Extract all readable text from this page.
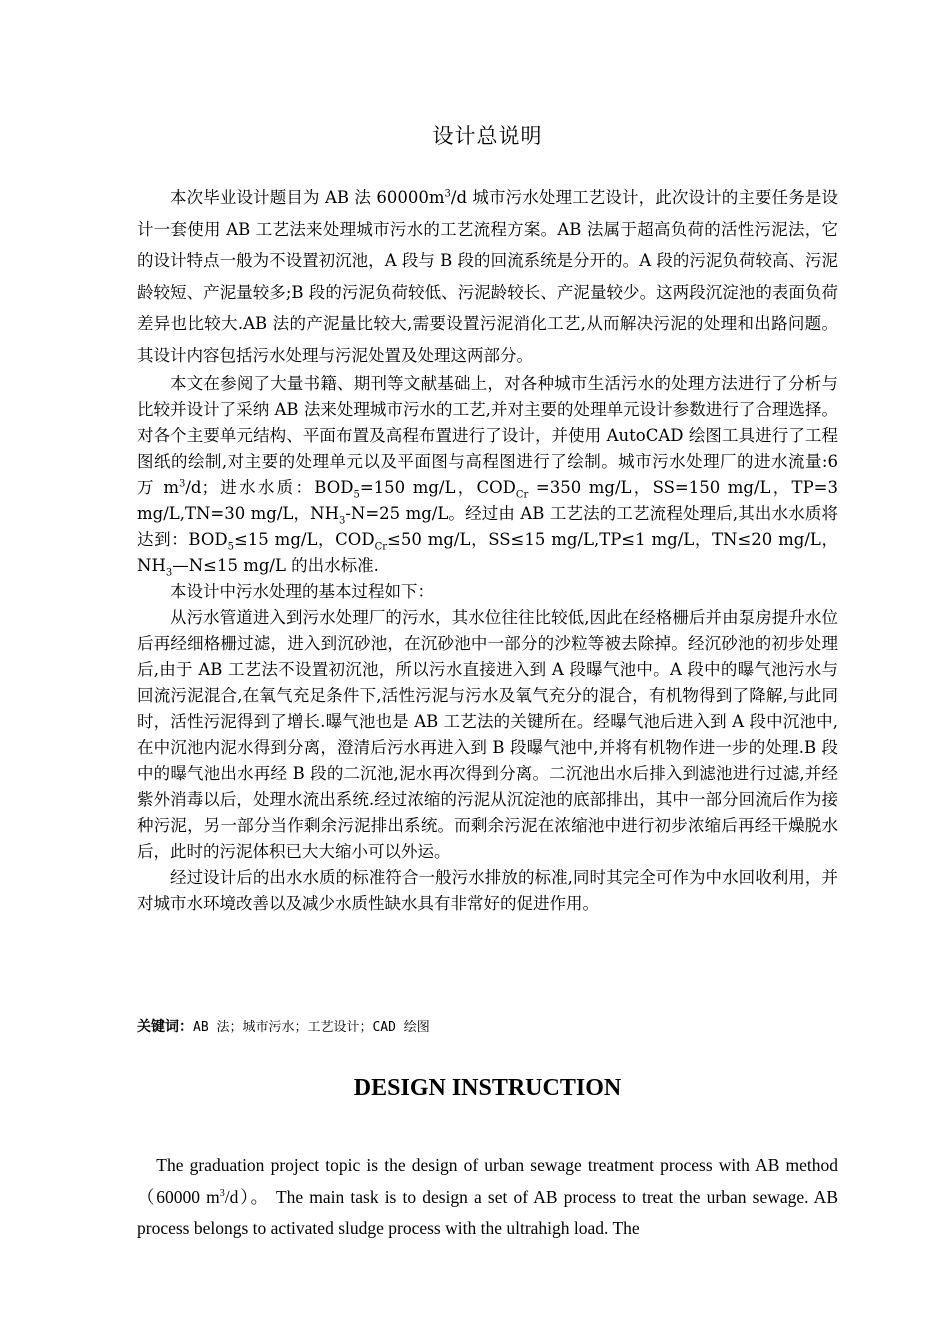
设计总说明

本次毕业设计题目为 AB 法 $60000m^3/d$ 城市污水处理工艺设计，此次设计的主要任务是设计一套使用 AB 工艺法来处理城市污水的工艺流程方案。AB 法属于超高负荷的活性污泥法，它的设计特点一般为不设置初沉池，A 段与 B 段的回流系统是分开的。A 段的污泥负荷较高、污泥龄较短、产泥量较多;B 段的污泥负荷较低、污泥龄较长、产泥量较少。这两段沉淀池的表面负荷差异也比较大.AB 法的产泥量比较大,需要设置污泥消化工艺,从而解决污泥的处理和出路问题。其设计内容包括污水处理与污泥处置及处理这两部分。

本文在参阅了大量书籍、期刊等文献基础上，对各种城市生活污水的处理方法进行了分析与比较并设计了采纳 AB 法来处理城市污水的工艺,并对主要的处理单元设计参数进行了合理选择。对各个主要单元结构、平面布置及高程布置进行了设计，并使用 AutoCAD 绘图工具进行了工程图纸的绘制,对主要的处理单元以及平面图与高程图进行了绘制。城市污水处理厂的进水流量:6 万 $m^3/d$；进水水质：$BOD_5=150$ mg/L，$COD_{Cr} =350$ mg/L，SS=150 mg/L，TP=3 mg/L,TN=30 mg/L，$NH_3-N=25$ mg/L。经过由 AB 工艺法的工艺流程处理后,其出水水质将达到：$BOD_5\le 15$ mg/L，$COD_{Cr}\le 50$ mg/L，SS≤15 mg/L,TP≤1 mg/L，TN≤20 mg/L，$NH_3—N\le 15$ mg/L 的出水标准.

本设计中污水处理的基本过程如下：

从污水管道进入到污水处理厂的污水，其水位往往比较低,因此在经格栅后并由泵房提升水位后再经细格栅过滤，进入到沉砂池，在沉砂池中一部分的沙粒等被去除掉。经沉砂池的初步处理后,由于 AB 工艺法不设置初沉池，所以污水直接进入到 A 段曝气池中。A 段中的曝气池污水与回流污泥混合,在氧气充足条件下,活性污泥与污水及氧气充分的混合，有机物得到了降解,与此同时，活性污泥得到了增长.曝气池也是 AB 工艺法的关键所在。经曝气池后进入到 A 段中沉池中,在中沉池内泥水得到分离，澄清后污水再进入到 B 段曝气池中,并将有机物作进一步的处理.B 段中的曝气池出水再经 B 段的二沉池,泥水再次得到分离。二沉池出水后排入到滤池进行过滤,并经紫外消毒以后，处理水流出系统.经过浓缩的污泥从沉淀池的底部排出，其中一部分回流后作为接种污泥，另一部分当作剩余污泥排出系统。而剩余污泥在浓缩池中进行初步浓缩后再经干燥脱水后，此时的污泥体积已大大缩小可以外运。

经过设计后的出水水质的标准符合一般污水排放的标准,同时其完全可作为中水回收利用，并对城市水环境改善以及减少水质性缺水具有非常好的促进作用。

关键词：AB 法；城市污水；工艺设计；CAD 绘图
DESIGN INSTRUCTION

The graduation project topic is the design of urban sewage treatment process with AB method（60000 $m^3/d$）。 The main task is to design a set of AB process to treat the urban sewage. AB process belongs to activated sludge process with the ultrahigh load. The
